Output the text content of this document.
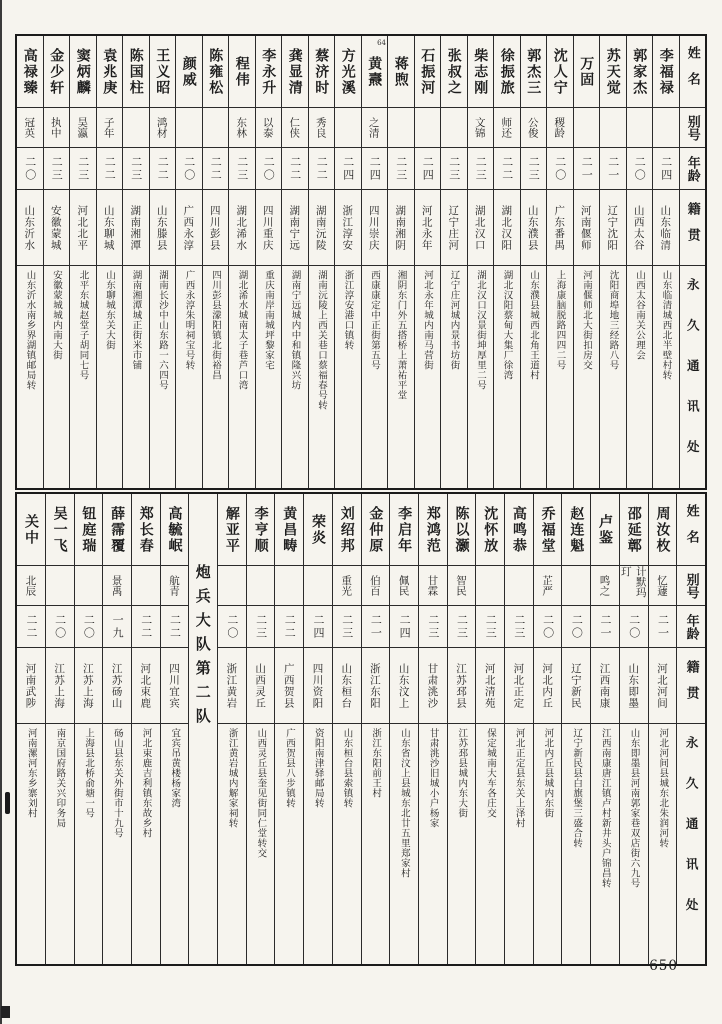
姓名
别号
年龄
籍贯
永久通讯处
李福禄
二四
山东临清
山东临清城西北半壁村转
郭家杰
二〇
山西太谷
山西太谷南关公理会
苏天觉
二一
辽宁沈阳
沈阳商埠地三经路八号
万固
二一
河南偃师
河南偃师北大街扣房交
沈人宁
稷龄
二〇
广东番禺
上海康脑脱路四四二号
郭杰三
公俊
二三
山东濮县
山东濮县城西北角王道村
徐振旅
师还
二二
湖北汉阳
湖北汉阳蔡甸大集厂徐湾
柴志刚
文锦
二三
湖北汉口
湖北汉口汉景街坤厚里二号
张叔之
二三
辽宁庄河
辽宁庄河城内景书坊街
石振河
二四
河北永年
河北永年城内南马营街
蒋煦
二三
湖南湘阴
湘阴东门外五搭桥上萧祐平堂
黄燾
64
之清
二四
四川崇庆
西康康定中正街第五号
方光溪
二四
浙江淳安
浙江淳安港口镇转
蔡济时
秀良
二二
湖南沅陵
湖南沅陵上西关巷口蔡福春号转
龚显清
仁侠
二二
湖南宁远
湖南宁远城内中和镇隆兴坊
李永升
以泰
二〇
四川重庆
重庆南岸南城坪黎家宅
程伟
东林
二三
湖北浠水
湖北浠水城南太子巷芦口湾
陈雍松
二二
四川彭县
四川彭县濛阳镇北街裕昌
颜威
二〇
广西永淳
广西永淳朱明祠宝号转
王义昭
鸿材
二二
山东滕县
湖南长沙中山东路一六四号
陈国柱
二三
湖南湘潭
湖南湘潭城正街米市铺
袁兆庚
子年
二二
山东聊城
山东聊城东关大街
窦炳麟
昊瀛
二三
河北北平
北平东城赵堂子胡同七号
金少轩
执中
二三
安徽蒙城
安徽蒙城城内南大街
高禄臻
冠英
二〇
山东沂水
山东沂水南乡界湖镇邮局转
姓名
别号
年龄
籍贯
永久通讯处
周汝枚
忆蘧
二一
河北河间
河北河间县城东北朱润河转
邵延鄣
计默玛玎
二〇
山东即墨
山东即墨县河南郭家巷双店街六九号
卢鉴
鸣之
二一
江西南康
江西南康唐江镇卢村新井头户锦昌转
赵连魁
二〇
辽宁新民
辽宁新民县白旗堡三盛合转
乔福堂
芷严
二〇
河北内丘
河北内丘县城内东街
高鸣恭
二三
河北正定
河北正定县东关上泽村
沈怀放
二三
河北清苑
保定城南大车各庄交
陈以灏
智民
二三
江苏邳县
江苏邳县城内东大街
郑鸿范
甘霖
二三
甘肃洮沙
甘肃洮沙旧城小户杨家
李启年
佩民
二四
山东汶上
山东省汶上县城东北廿五里郑家村
金仲原
伯百
二一
浙江东阳
浙江东阳前王村
刘绍邦
重光
二三
山东桓台
山东桓台县索镇转
荣炎
二四
四川资阳
资阳南津驿邮局转
黄昌畴
二二
广西贺县
广西贺县八步镇转
李亨顺
二三
山西灵丘
山西灵丘县奎见街同仁堂转交
解亚平
二〇
浙江黄岩
浙江黄岩城内解家祠转
炮兵大队第二队
高毓岷
航青
二二
四川宜宾
宜宾吊黄楼杨家湾
郑长春
二二
河北束鹿
河北束鹿吉利镇东故乡村
薛霈覆
景禹
一九
江苏砀山
砀山县东关外街市十九号
钮庭瑞
二〇
江苏上海
上海县北桥俞塘一号
吴一飞
二〇
江苏上海
南京国府路关兴印务局
关中
北辰
二二
河南武陟
河南漯河东乡寨刘村
650
